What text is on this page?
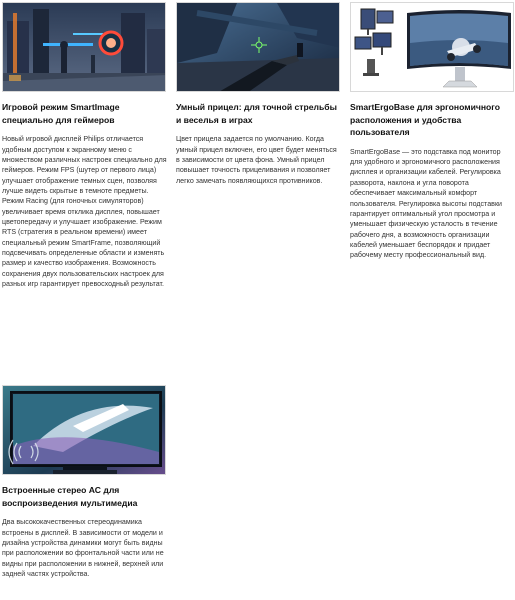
Игровой режим SmartImage специально для геймеров
Новый игровой дисплей Philips отличается удобным доступом к экранному меню с множеством различных настроек специально для геймеров. Режим FPS (шутер от первого лица) улучшает отображение темных сцен, позволяя лучше видеть скрытые в темноте предметы. Режим Racing (для гоночных симуляторов) увеличивает время отклика дисплея, повышает цветопередачу и улучшает изображение. Режим RTS (стратегия в реальном времени) имеет специальный режим SmartFrame, позволяющий подсвечивать определенные области и изменять размер и качество изображения. Возможность сохранения двух пользовательских настроек для разных игр гарантирует превосходный результат.
Умный прицел: для точной стрельбы и веселья в играх
Цвет прицела задается по умолчанию. Когда умный прицел включен, его цвет будет меняться в зависимости от цвета фона. Умный прицел повышает точность прицеливания и позволяет легко замечать появляющихся противников.
SmartErgoBase для эргономичного расположения и удобства пользователя
SmartErgoBase — это подставка под монитор для удобного и эргономичного расположения дисплея и организации кабелей. Регулировка разворота, наклона и угла поворота обеспечивает максимальный комфорт пользователя. Регулировка высоты подставки гарантирует оптимальный угол просмотра и уменьшает физическую усталость в течение рабочего дня, а возможность организации кабелей уменьшает беспорядок и придает рабочему месту профессиональный вид.
Встроенные стерео АС для воспроизведения мультимедиа
Два высококачественных стереодинамика встроены в дисплей. В зависимости от модели и дизайна устройства динамики могут быть видны при расположении во фронтальной части или не видны при расположении в нижней, верхней или задней частях устройства.
